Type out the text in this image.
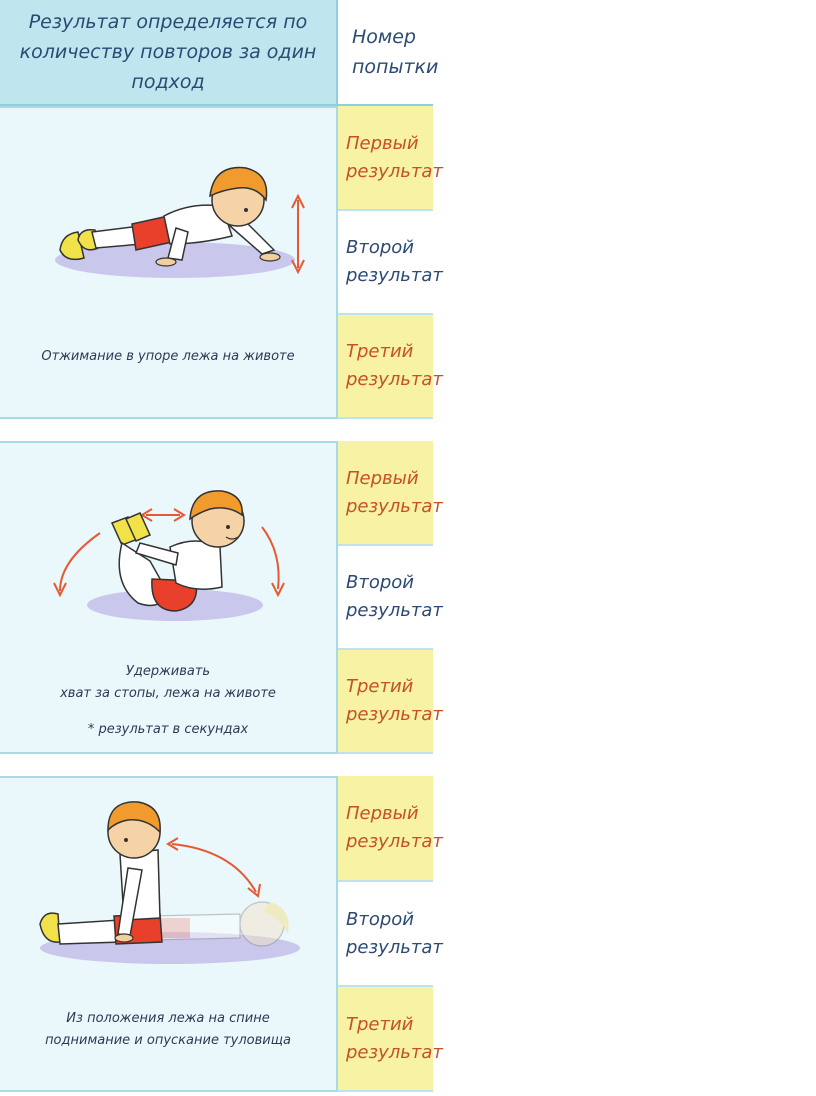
Результат определяется по
количеству повторов за один подход
Номер
попытки
Отжимание в упоре лежа на животе
Первый
результат
Второй
результат
Третий
результат
Удерживать
хват за стопы, лежа на животе
* результат в секундах
Первый
результат
Второй
результат
Третий
результат
Из положения лежа на спине
поднимание и опускание туловища
Первый
результат
Второй
результат
Третий
результат
